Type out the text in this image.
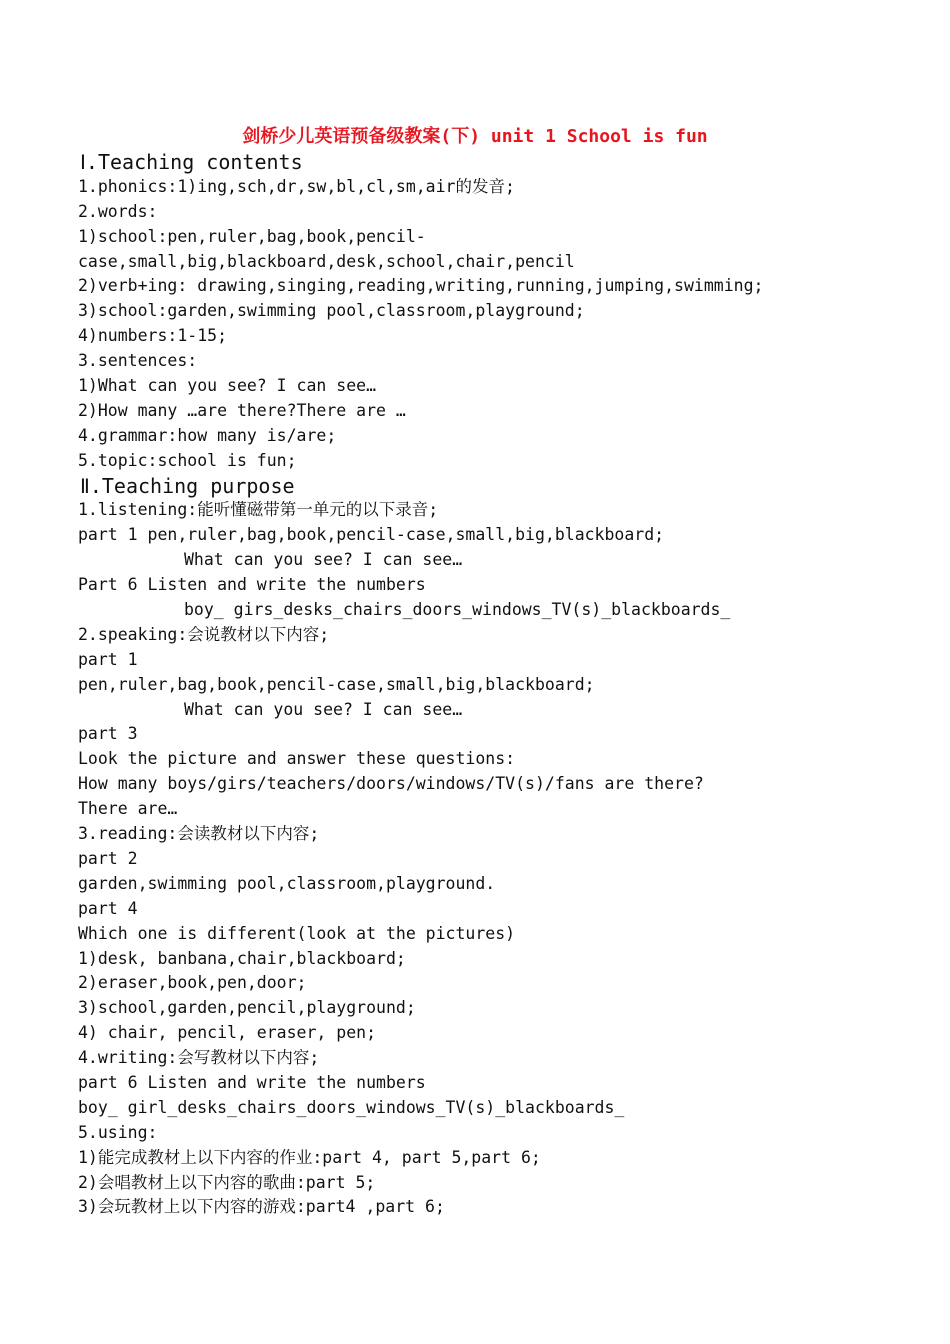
剑桥少儿英语预备级教案(下) unit 1 School is fun
Ⅰ.Teaching contents
1.phonics:1)ing,sch,dr,sw,bl,cl,sm,air的发音;
2.words:
1)school:pen,ruler,bag,book,pencil-
case,small,big,blackboard,desk,school,chair,pencil
2)verb+ing: drawing,singing,reading,writing,running,jumping,swimming;
3)school:garden,swimming pool,classroom,playground;
4)numbers:1-15;
3.sentences:
1)What can you see? I can see…
2)How many …are there?There are …
4.grammar:how many is/are;
5.topic:school is fun;
Ⅱ.Teaching purpose
1.listening:能听懂磁带第一单元的以下录音;
part 1 pen,ruler,bag,book,pencil-case,small,big,blackboard;
What can you see? I can see…
Part 6 Listen and write the numbers
boy_ girs_desks_chairs_doors_windows_TV(s)_blackboards_
2.speaking:会说教材以下内容;
part 1
pen,ruler,bag,book,pencil-case,small,big,blackboard;
What can you see? I can see…
part 3
Look the picture and answer these questions:
How many boys/girs/teachers/doors/windows/TV(s)/fans are there?
There are…
3.reading:会读教材以下内容;
part 2
garden,swimming pool,classroom,playground.
part 4
Which one is different(look at the pictures)
1)desk, banbana,chair,blackboard;
2)eraser,book,pen,door;
3)school,garden,pencil,playground;
4) chair, pencil, eraser, pen;
4.writing:会写教材以下内容;
part 6 Listen and write the numbers
boy_ girl_desks_chairs_doors_windows_TV(s)_blackboards_
5.using:
1)能完成教材上以下内容的作业:part 4, part 5,part 6;
2)会唱教材上以下内容的歌曲:part 5;
3)会玩教材上以下内容的游戏:part4 ,part 6;
